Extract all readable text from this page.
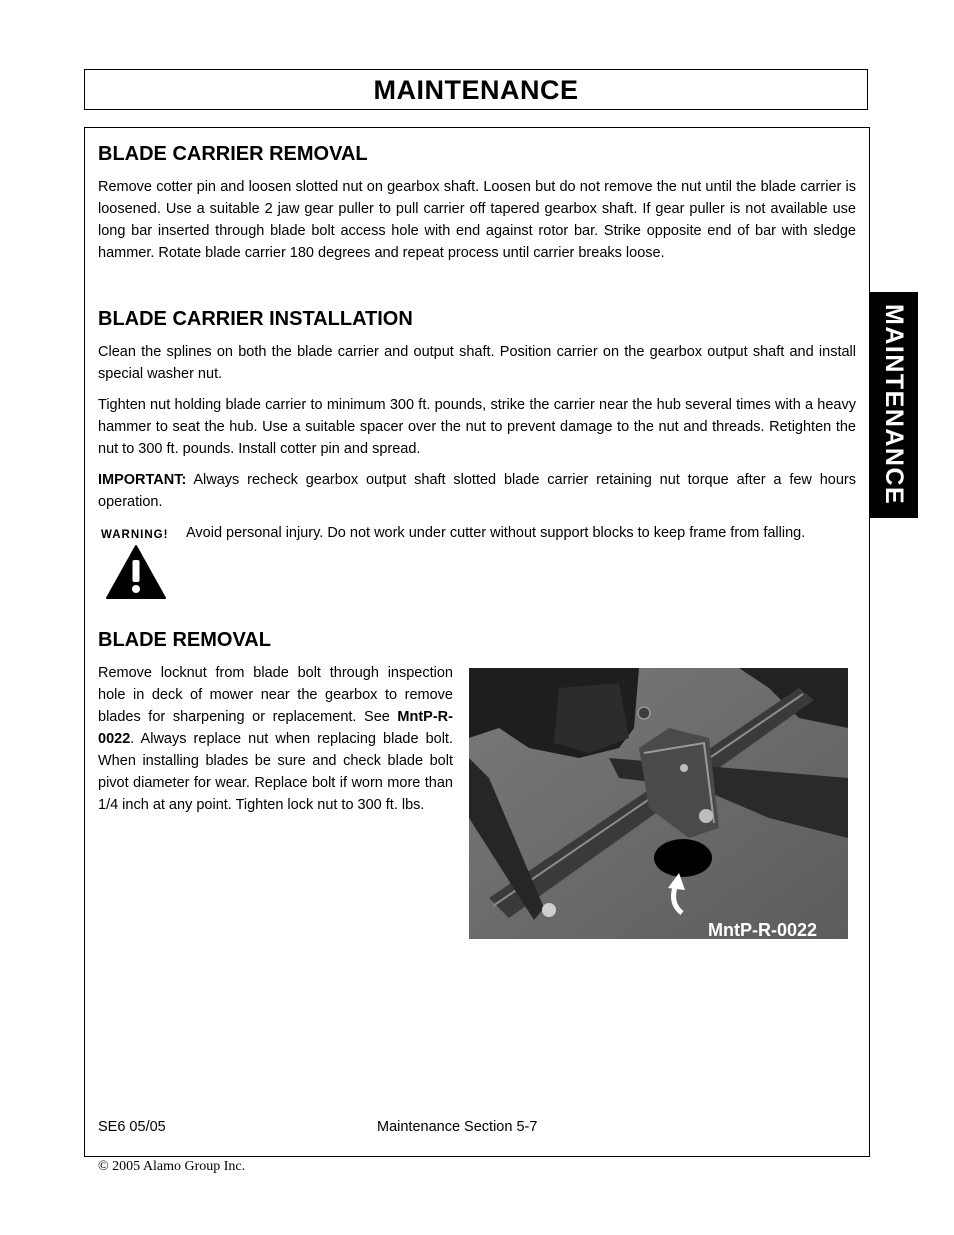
MAINTENANCE
MAINTENANCE
BLADE CARRIER REMOVAL

Remove cotter pin and loosen slotted nut on gearbox shaft. Loosen but do not remove the nut until the blade carrier is loosened. Use a suitable 2 jaw gear puller to pull carrier off tapered gearbox shaft. If gear puller is not available use long bar inserted through blade bolt access hole with end against rotor bar. Strike opposite end of bar with sledge hammer. Rotate blade carrier 180 degrees and repeat process until carrier breaks loose.

BLADE CARRIER INSTALLATION

Clean the splines on both the blade carrier and output shaft. Position carrier on the gearbox output shaft and install special washer nut.

Tighten nut holding blade carrier to minimum 300 ft. pounds, strike the carrier near the hub several times with a heavy hammer to seat the hub. Use a suitable spacer over the nut to prevent damage to the nut and threads. Retighten the nut to 300 ft. pounds. Install cotter pin and spread.

IMPORTANT: Always recheck gearbox output shaft slotted blade carrier retaining nut torque after a few hours operation.

WARNING! Avoid personal injury. Do not work under cutter without support blocks to keep frame from falling.
BLADE REMOVAL

Remove locknut from blade bolt through inspection hole in deck of mower near the gearbox to remove blades for sharpening or replacement. See MntP-R-0022. Always replace nut when replacing blade bolt. When installing blades be sure and check blade bolt pivot diameter for wear. Replace bolt if worn more than 1/4 inch at any point. Tighten lock nut to 300 ft. lbs.

MntP-R-0022
SE6 05/05	Maintenance Section 5-7
© 2005 Alamo Group Inc.
